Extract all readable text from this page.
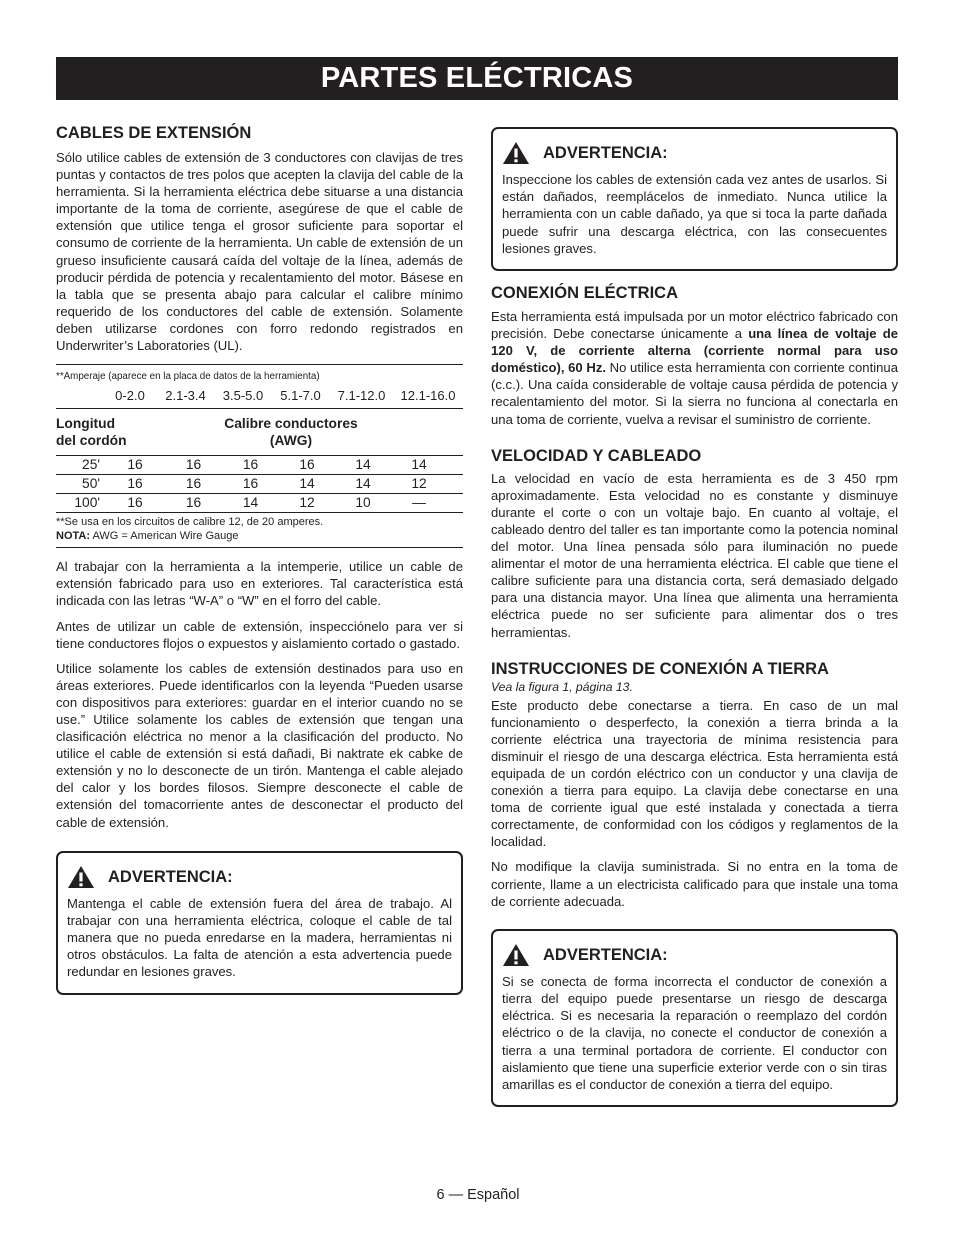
PARTES ELÉCTRICAS
CABLES DE EXTENSIÓN

Sólo utilice cables de extensión de 3 conductores con clavijas de tres puntas y contactos de tres polos que acepten la clavija del cable de la herramienta. Si la herramienta eléctrica debe situarse a una distancia importante de la toma de corriente, asegúrese de que el cable de extensión que utilice tenga el grosor suficiente para soportar el consumo de corriente de la herramienta. Un cable de extensión de un grueso insuficiente causará caída del voltaje de la línea, además de producir pérdida de potencia y recalentamiento del motor. Básese en la tabla que se presenta abajo para calcular el calibre mínimo requerido de los conductores del cable de extensión. Solamente deben utilizarse cordones con forro redondo registrados en Underwriter’s Laboratories (UL).

**Amperaje (aparece en la placa de datos de la herramienta)
0-2.0	2.1-3.4	3.5-5.0	5.1-7.0	7.1-12.0	12.1-16.0
Longitud
del cordón
Calibre conductores
(AWG)
25'	16	16	16	16	14	14
50'	16	16	16	14	14	12
100'	16	16	14	12	10	—
**Se usa en los circuitos de calibre 12, de 20 amperes.
NOTA: AWG = American Wire Gauge

Al trabajar con la herramienta a la intemperie, utilice un cable de extensión fabricado para uso en exteriores. Tal característica está indicada con las letras “W-A” o “W” en el forro del cable.

Antes de utilizar un cable de extensión, inspecciónelo para ver si tiene conductores flojos o expuestos y aislamiento cortado o gastado.

Utilice solamente los cables de extensión destinados para uso en áreas exteriores. Puede identificarlos con la leyenda “Pueden usarse con dispositivos para exteriores: guardar en el interior cuando no se use.” Utilice solamente los cables de extensión que tengan una clasificación eléctrica no menor a la clasificación del producto. No utilice el cable de extensión si está dañadi, Bi naktrate ek cabke de extensión y no lo desconecte de un tirón. Mantenga el cable alejado del calor y los bordes filosos. Siempre desconecte el cable de extensión del tomacorriente antes de desconectar el producto del cable de extensión.

ADVERTENCIA:

Mantenga el cable de extensión fuera del área de trabajo. Al trabajar con una herramienta eléctrica, coloque el cable de tal manera que no pueda enredarse en la madera, herramientas ni otros obstáculos. La falta de atención a esta advertencia puede redundar en lesiones graves.

ADVERTENCIA:

Inspeccione los cables de extensión cada vez antes de usarlos. Si están dañados, reemplácelos de inmediato. Nunca utilice la herramienta con un cable dañado, ya que si toca la parte dañada puede sufrir una descarga eléctrica, con las consecuentes lesiones graves.

CONEXIÓN ELÉCTRICA

Esta herramienta está impulsada por un motor eléctrico fabricado con precisión. Debe conectarse únicamente a una línea de voltaje de 120 V, de corriente alterna (corriente normal para uso doméstico), 60 Hz. No utilice esta herramienta con corriente continua (c.c.). Una caída considerable de voltaje causa pérdida de potencia y recalentamiento del motor. Si la sierra no funciona al conectarla en una toma de corriente, vuelva a revisar el suministro de corriente.

VELOCIDAD Y CABLEADO

La velocidad en vacío de esta herramienta es de 3 450 rpm aproximadamente. Esta velocidad no es constante y disminuye durante el corte o con un voltaje bajo. En cuanto al voltaje, el cableado dentro del taller es tan importante como la potencia nominal del motor. Una línea pensada sólo para iluminación no puede alimentar el motor de una herramienta eléctrica. El cable que tiene el calibre suficiente para una distancia corta, será demasiado delgado para una distancia mayor. Una línea que alimenta una herramienta eléctrica puede no ser suficiente para alimentar dos o tres herramientas.

INSTRUCCIONES DE CONEXIÓN A TIERRA
Vea la figura 1, página 13.

Este producto debe conectarse a tierra. En caso de un mal funcionamiento o desperfecto, la conexión a tierra brinda a la corriente eléctrica una trayectoria de mínima resistencia para disminuir el riesgo de una descarga eléctrica. Esta herramienta está equipada de un cordón eléctrico con un conductor y una clavija de conexión a tierra para equipo. La clavija debe conectarse en una toma de corriente igual que esté instalada y conectada a tierra correctamente, de conformidad con los códigos y reglamentos de la localidad.

No modifique la clavija suministrada. Si no entra en la toma de corriente, llame a un electricista calificado para que instale una toma de corriente adecuada.

ADVERTENCIA:

Si se conecta de forma incorrecta el conductor de conexión a tierra del equipo puede presentarse un riesgo de descarga eléctrica. Si es necesaria la reparación o reemplazo del cordón eléctrico o de la clavija, no conecte el conductor de conexión a tierra a una terminal portadora de corriente. El conductor con aislamiento que tiene una superficie exterior verde con o sin tiras amarillas es el conductor de conexión a tierra del equipo.

6 — Español
